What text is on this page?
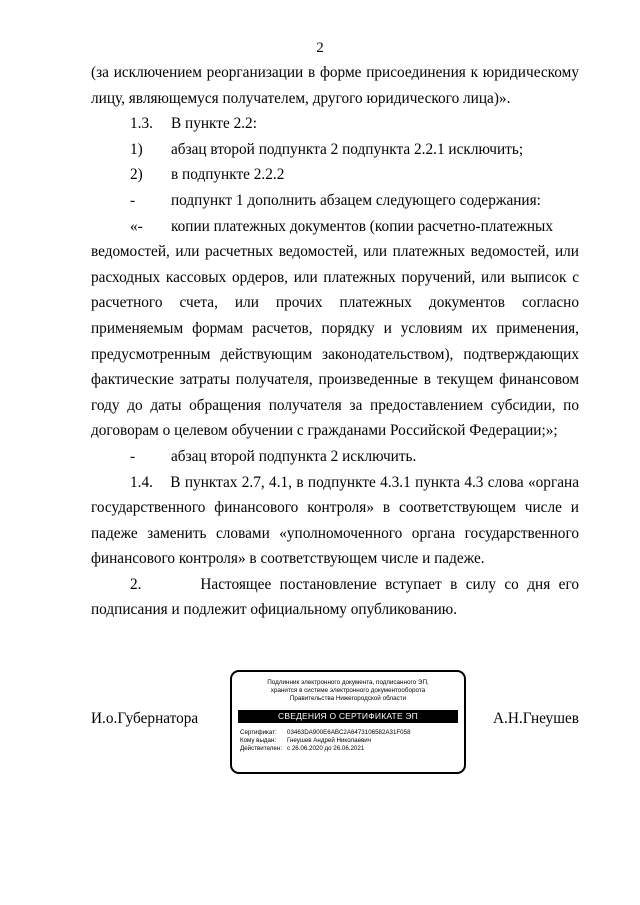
2

(за исключением реорганизации в форме присоединения к юридическому лицу, являющемуся получателем, другого юридического лица)».

1.3.	В пункте 2.2:
1)	абзац второй подпункта 2 подпункта 2.2.1 исключить;
2)	в подпункте 2.2.2
-	подпункт 1 дополнить абзацем следующего содержания:
«-	копии платежных документов (копии расчетно-платежных

ведомостей, или расчетных ведомостей, или платежных ведомостей, или расходных кассовых ордеров, или платежных поручений, или выписок с расчетного счета, или прочих платежных документов согласно применяемым формам расчетов, порядку и условиям их применения, предусмотренным действующим законодательством), подтверждающих фактические затраты получателя, произведенные в текущем финансовом году до даты обращения получателя за предоставлением субсидии, по договорам о целевом обучении с гражданами Российской Федерации;»;

-	абзац второй подпункта 2 исключить.

1.4.    В пунктах 2.7, 4.1, в подпункте 4.3.1 пункта 4.3 слова «органа государственного финансового контроля» в соответствующем числе и падеже заменить словами «уполномоченного органа государственного финансового контроля» в соответствующем числе и падеже.

2.       Настоящее постановление вступает в силу со дня его подписания и подлежит официальному опубликованию.

И.о.Губернатора
Подлинник электронного документа, подписанного ЭП,
хранится в системе электронного документооборота
Правительства Нижегородской области
СВЕДЕНИЯ О СЕРТИФИКАТЕ ЭП
Сертификат: 03463DA900E6ABC2A6473106582A31F058
Кому выдан: Гнеушев Андрей Николаевич
Действителен: с 26.06.2020 до 26.06.2021
А.Н.Гнеушев
